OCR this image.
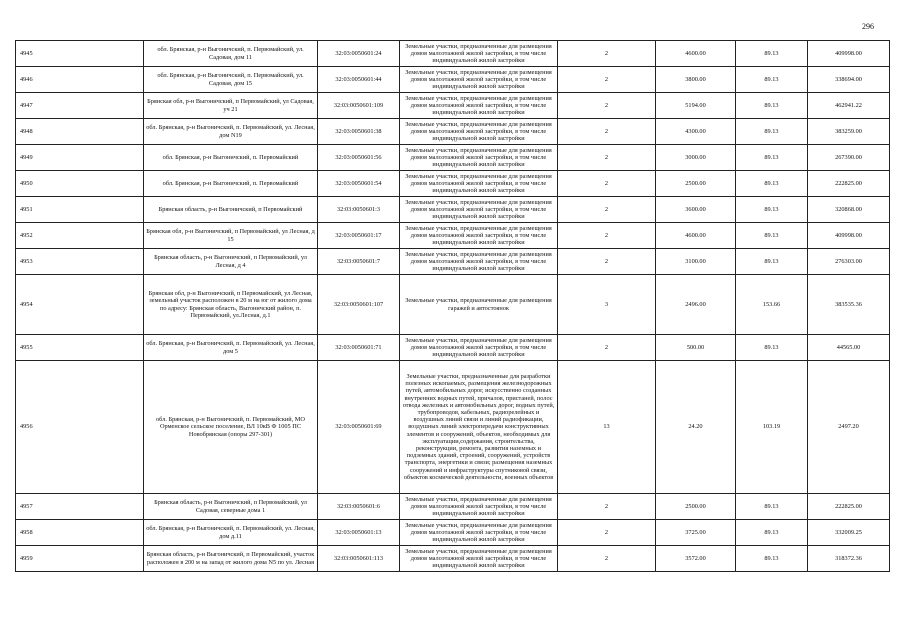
296
4945	обл. Брянская, р-н Выгоничский, п. Первомайский, ул. Садовая, дом 11	32:03:0050601:24	Земельные участки, предназначенные для размещения домов малоэтажной жилой застройки, в том числе индивидуальной жилой застройки	2	4600.00	89.13	409998.00
4946	обл. Брянская, р-н Выгоничский, п. Первомайский, ул. Садовая, дом 15	32:03:0050601:44	Земельные участки, предназначенные для размещения домов малоэтажной жилой застройки, в том числе индивидуальной жилой застройки	2	3800.00	89.13	338694.00
4947	Брянская обл, р-н Выгоничский, п Первомайский, ул Садовая, уч 21	32:03:0050601:109	Земельные участки, предназначенные для размещения домов малоэтажной жилой застройки, в том числе индивидуальной жилой застройки	2	5194.00	89.13	462941.22
4948	обл. Брянская, р-н Выгоничский, п. Первомайский, ул. Лесная, дом N19	32:03:0050601:38	Земельные участки, предназначенные для размещения домов малоэтажной жилой застройки, в том числе индивидуальной жилой застройки	2	4300.00	89.13	383259.00
4949	обл. Брянская, р-н Выгоничский, п. Первомайский	32:03:0050601:56	Земельные участки, предназначенные для размещения домов малоэтажной жилой застройки, в том числе индивидуальной жилой застройки	2	3000.00	89.13	267390.00
4950	обл. Брянская, р-н Выгоничский, п. Первомайский	32:03:0050601:54	Земельные участки, предназначенные для размещения домов малоэтажной жилой застройки, в том числе индивидуальной жилой застройки	2	2500.00	89.13	222825.00
4951	Брянская область, р-н Выгоничский, п Первомайский	32:03:0050601:3	Земельные участки, предназначенные для размещения домов малоэтажной жилой застройки, в том числе индивидуальной жилой застройки	2	3600.00	89.13	320868.00
4952	Брянская обл, р-н Выгоничский, п Первомайский, ул Лесная, д 15	32:03:0050601:17	Земельные участки, предназначенные для размещения домов малоэтажной жилой застройки, в том числе индивидуальной жилой застройки	2	4600.00	89.13	409998.00
4953	Брянская область, р-н Выгоничский, п Первомайский, ул Лесная, д 4	32:03:0050601:7	Земельные участки, предназначенные для размещения домов малоэтажной жилой застройки, в том числе индивидуальной жилой застройки	2	3100.00	89.13	276303.00
4954	Брянская обл, р-н Выгоничский, п Первомайский, ул Лесная, земельный участок расположен в 20 м на юг от жилого дома по адресу: Брянская область, Выгоничский район, п. Первомайский, ул.Лесная, д.1	32:03:0050601:107	Земельные участки, предназначенные для размещения гаражей и автостоянок	3	2496.00	153.66	383535.36
4955	обл. Брянская, р-н Выгоничский, п. Первомайский, ул. Лесная, дом 5	32:03:0050601:71	Земельные участки, предназначенные для размещения домов малоэтажной жилой застройки, в том числе индивидуальной жилой застройки	2	500.00	89.13	44565.00
4956	обл. Брянская, р-н Выгоничский, п. Первомайский, МО Орменское сельское поселение, ВЛ 10кВ Ф 1005 ПС Новобрянская (опоры 297-301)	32:03:0050601:69	Земельные участки, предназначенные для разработки полезных ископаемых, размещения железнодорожных путей, автомобильных дорог, искусственно созданных внутренних водных путей, причалов, пристаней, полос отвода железных и автомобильных дорог, водных путей, трубопроводов, кабельных, радиорелейных и воздушных линий связи и линий радиофикации, воздушных линий электропередачи конструктивных элементов и сооружений, объектов, необходимых для эксплуатации,содержания, строительства, реконструкции, ремонта, развития наземных и подземных зданий, строений, сооружений, устройств транспорта, энергетики и связи; размещения наземных сооружений и инфраструктуры спутниковой связи, объектов космической деятельности, военных объектов	13	24.20	103.19	2497.20
4957	Брянская область, р-н Выгоничский, п Первомайский, ул Садовая, северные дома 1	32:03:0050601:6	Земельные участки, предназначенные для размещения домов малоэтажной жилой застройки, в том числе индивидуальной жилой застройки	2	2500.00	89.13	222825.00
4958	обл. Брянская, р-н Выгоничский, п. Первомайский, ул. Лесная, дом д.11	32:03:0050601:13	Земельные участки, предназначенные для размещения домов малоэтажной жилой застройки, в том числе индивидуальной жилой застройки	2	3725.00	89.13	332009.25
4959	Брянская область, р-н Выгоничский, п Первомайский, участок расположен в 200 м на запад от жилого дома N5 по ул. Лесная	32:03:0050601:113	Земельные участки, предназначенные для размещения домов малоэтажной жилой застройки, в том числе индивидуальной жилой застройки	2	3572.00	89.13	318372.36
